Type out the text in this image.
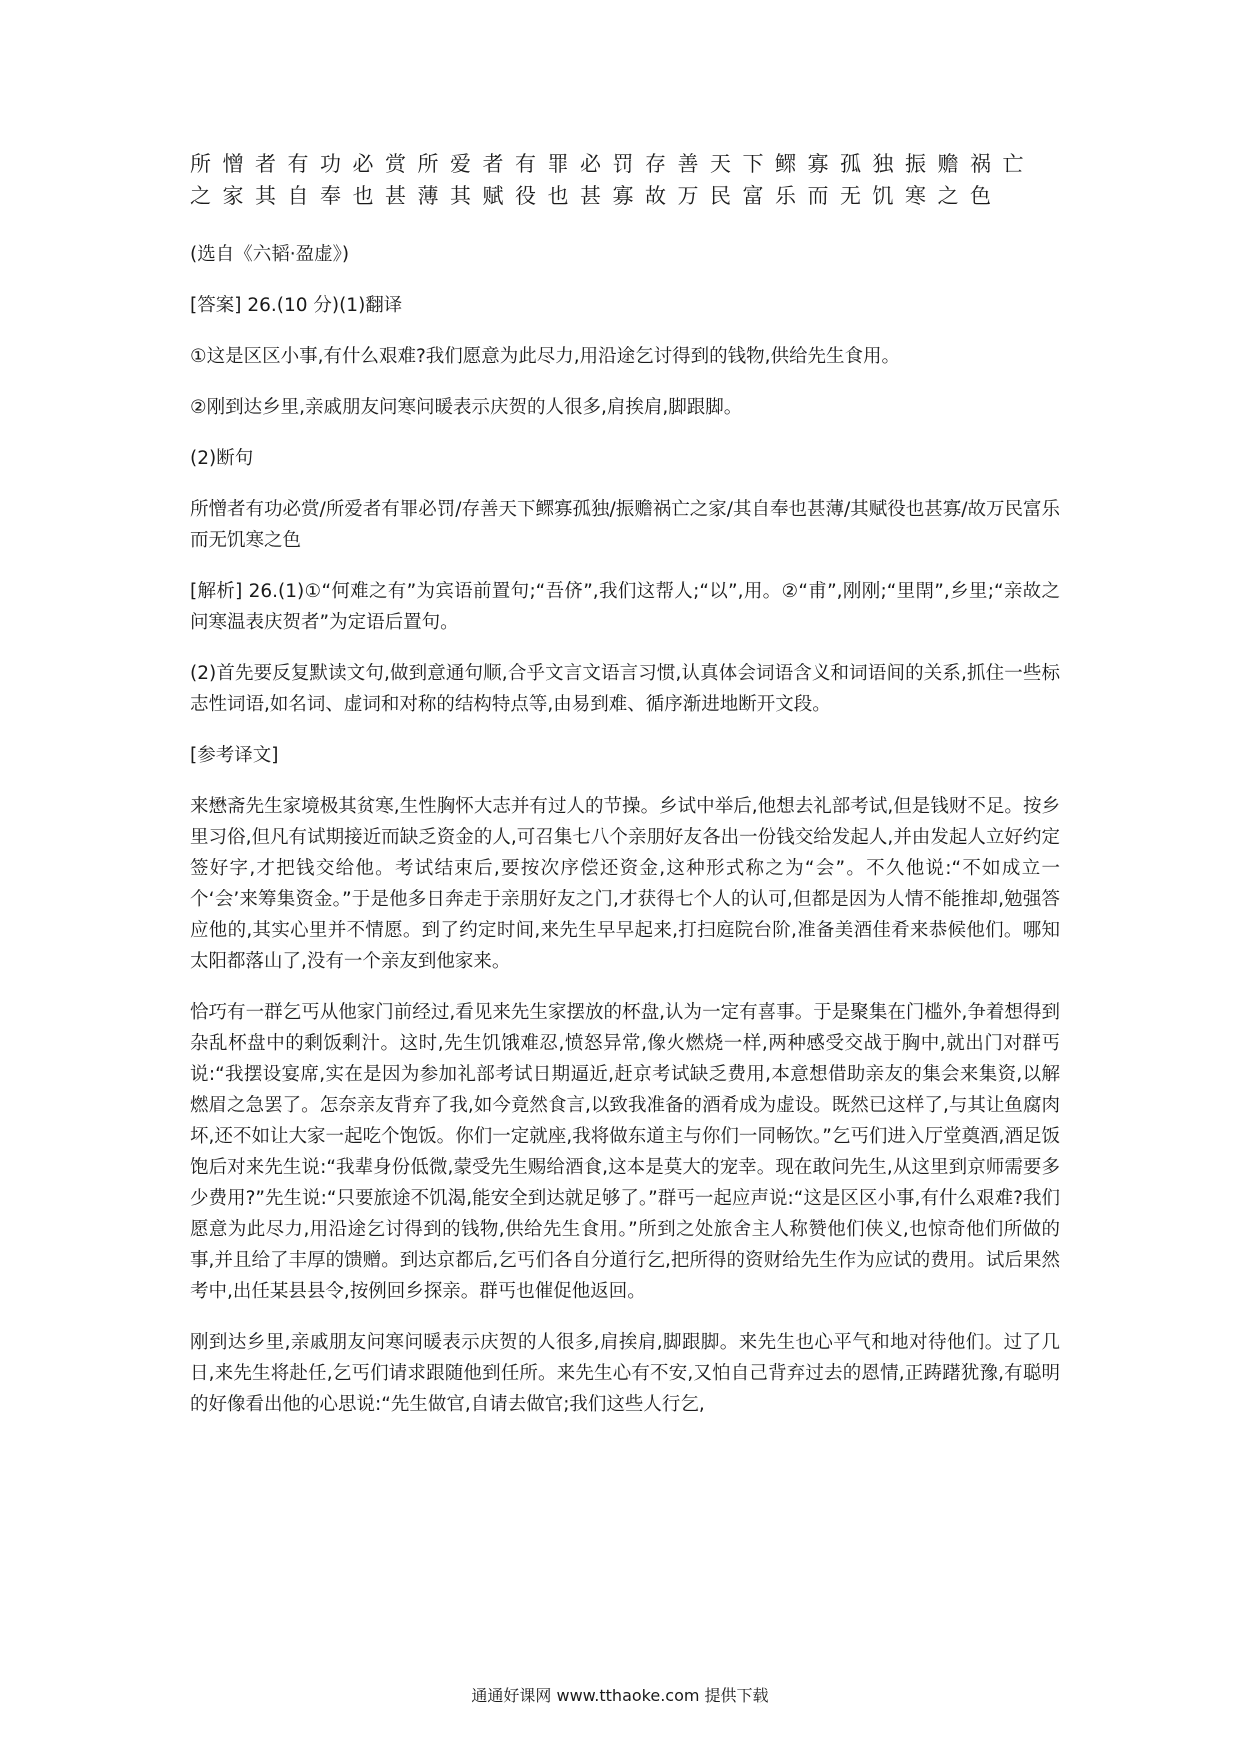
所憎者有功必赏所爱者有罪必罚存善天下鳏寡孤独振赡祸亡
之家其自奉也甚薄其赋役也甚寡故万民富乐而无饥寒之色

(选自《六韬·盈虚》)

[答案] 26.(10 分)(1)翻译

①这是区区小事,有什么艰难?我们愿意为此尽力,用沿途乞讨得到的钱物,供给先生食用。

②刚到达乡里,亲戚朋友问寒问暖表示庆贺的人很多,肩挨肩,脚跟脚。

(2)断句

所憎者有功必赏/所爱者有罪必罚/存善天下鳏寡孤独/振赡祸亡之家/其自奉也甚薄/其赋役也甚寡/故万民富乐而无饥寒之色

[解析] 26.(1)①“何难之有”为宾语前置句;“吾侪”,我们这帮人;“以”,用。②“甫”,刚刚;“里閈”,乡里;“亲故之问寒温表庆贺者”为定语后置句。

(2)首先要反复默读文句,做到意通句顺,合乎文言文语言习惯,认真体会词语含义和词语间的关系,抓住一些标志性词语,如名词、虚词和对称的结构特点等,由易到难、循序渐进地断开文段。

[参考译文]

来懋斋先生家境极其贫寒,生性胸怀大志并有过人的节操。乡试中举后,他想去礼部考试,但是钱财不足。按乡里习俗,但凡有试期接近而缺乏资金的人,可召集七八个亲朋好友各出一份钱交给发起人,并由发起人立好约定签好字,才把钱交给他。考试结束后,要按次序偿还资金,这种形式称之为“会”。不久他说:“不如成立一个‘会’来筹集资金。”于是他多日奔走于亲朋好友之门,才获得七个人的认可,但都是因为人情不能推却,勉强答应他的,其实心里并不情愿。到了约定时间,来先生早早起来,打扫庭院台阶,准备美酒佳肴来恭候他们。哪知太阳都落山了,没有一个亲友到他家来。

恰巧有一群乞丐从他家门前经过,看见来先生家摆放的杯盘,认为一定有喜事。于是聚集在门槛外,争着想得到杂乱杯盘中的剩饭剩汁。这时,先生饥饿难忍,愤怒异常,像火燃烧一样,两种感受交战于胸中,就出门对群丐说:“我摆设宴席,实在是因为参加礼部考试日期逼近,赶京考试缺乏费用,本意想借助亲友的集会来集资,以解燃眉之急罢了。怎奈亲友背弃了我,如今竟然食言,以致我准备的酒肴成为虚设。既然已这样了,与其让鱼腐肉坏,还不如让大家一起吃个饱饭。你们一定就座,我将做东道主与你们一同畅饮。”乞丐们进入厅堂奠酒,酒足饭饱后对来先生说:“我辈身份低微,蒙受先生赐给酒食,这本是莫大的宠幸。现在敢问先生,从这里到京师需要多少费用?”先生说:“只要旅途不饥渴,能安全到达就足够了。”群丐一起应声说:“这是区区小事,有什么艰难?我们愿意为此尽力,用沿途乞讨得到的钱物,供给先生食用。”所到之处旅舍主人称赞他们侠义,也惊奇他们所做的事,并且给了丰厚的馈赠。到达京都后,乞丐们各自分道行乞,把所得的资财给先生作为应试的费用。试后果然考中,出任某县县令,按例回乡探亲。群丐也催促他返回。

刚到达乡里,亲戚朋友问寒问暖表示庆贺的人很多,肩挨肩,脚跟脚。来先生也心平气和地对待他们。过了几日,来先生将赴任,乞丐们请求跟随他到任所。来先生心有不安,又怕自己背弃过去的恩情,正踌躇犹豫,有聪明的好像看出他的心思说:“先生做官,自请去做官;我们这些人行乞,

通通好课网 www.tthaoke.com 提供下载
